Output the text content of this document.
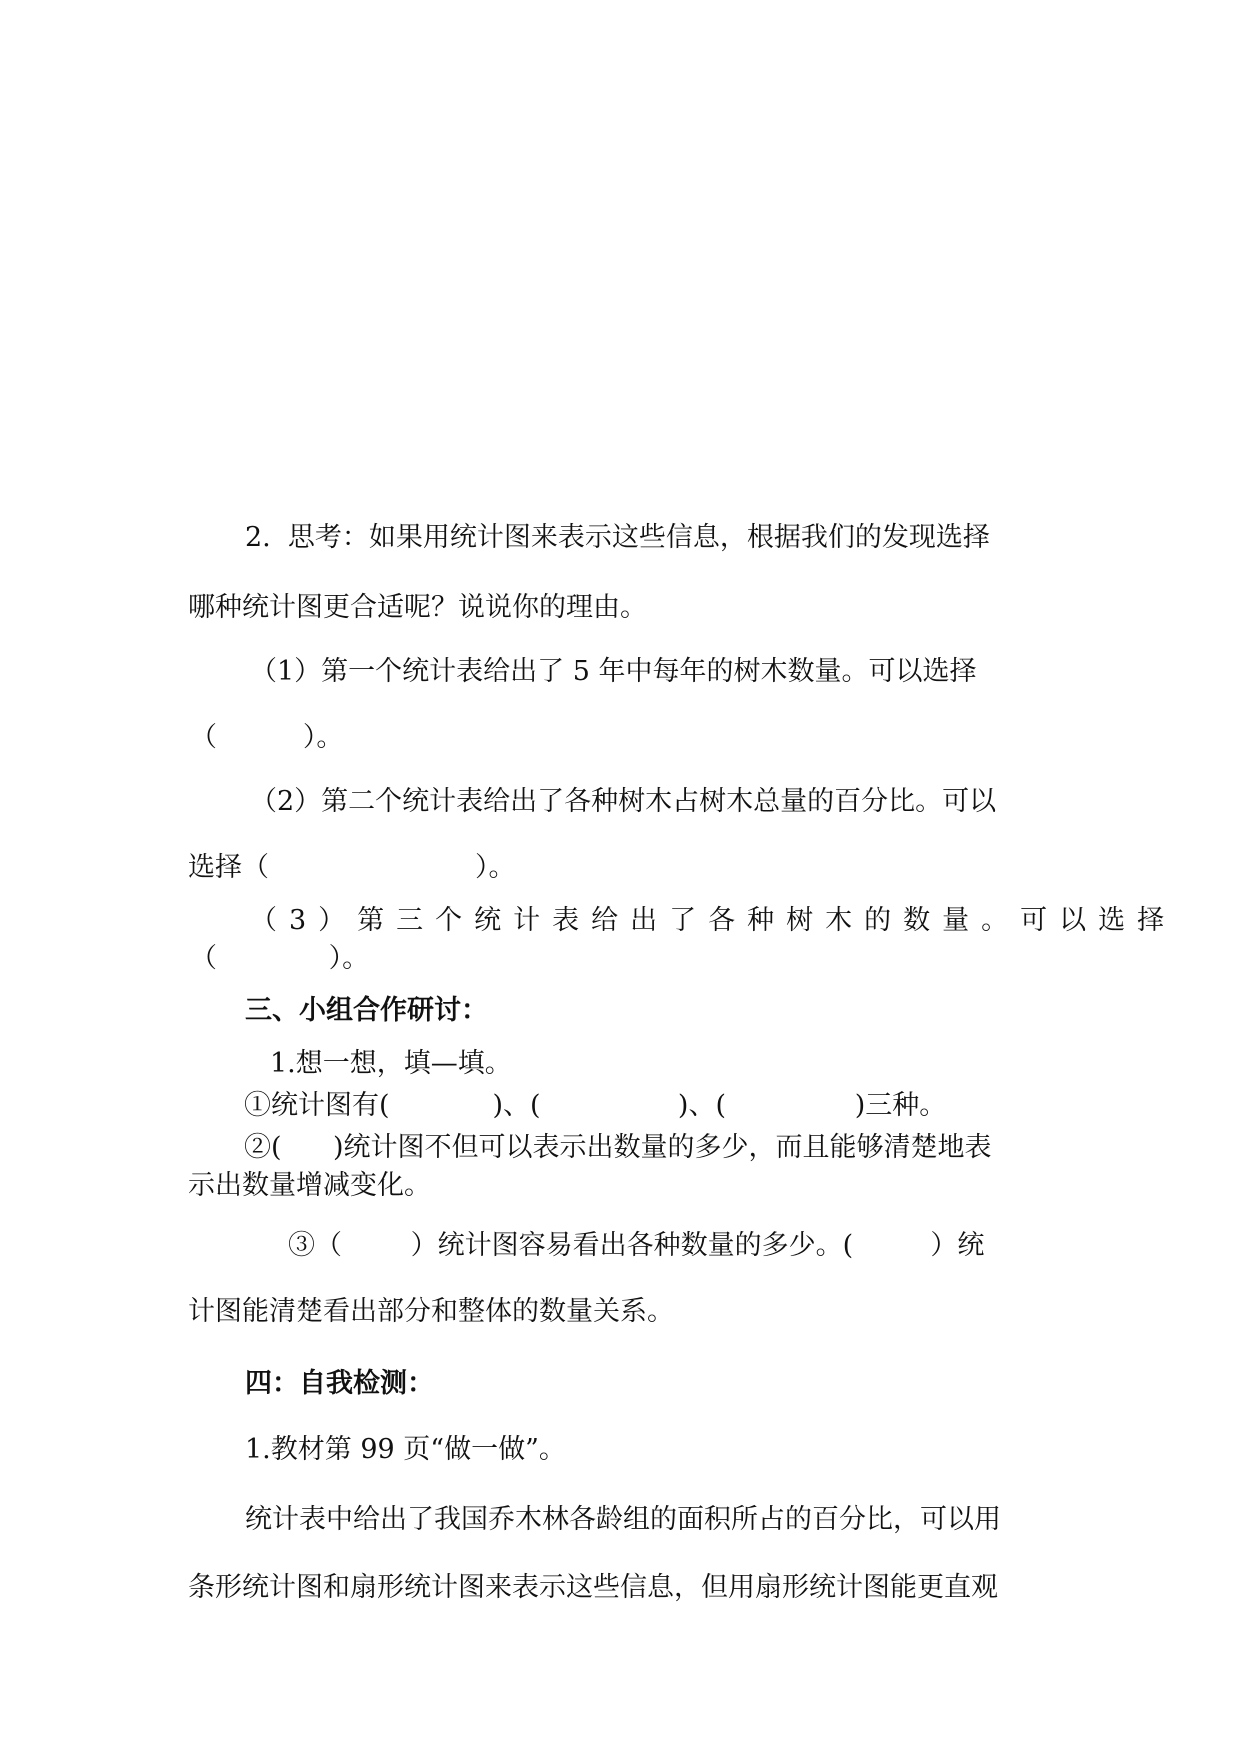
2.  思考：如果用统计图来表示这些信息，根据我们的发现选择
哪种统计图更合适呢？说说你的理由。
（1）第一个统计表给出了 5 年中每年的树木数量。可以选择
（          ）。
（2）第二个统计表给出了各种树木占树木总量的百分比。可以
选择（                        ）。
（3）第三个统计表给出了各种树木的数量。可以选择
（             ）。
三、小组合作研讨：
1.想一想，填—填。
①统计图有(            )、(                )、(               )三种。
②(      )统计图不但可以表示出数量的多少，而且能够清楚地表
示出数量增减变化。
③（        ）统计图容易看出各种数量的多少。(         ）统
计图能清楚看出部分和整体的数量关系。
四：自我检测：
1.教材第 99 页“做一做”。
统计表中给出了我国乔木林各龄组的面积所占的百分比，可以用
条形统计图和扇形统计图来表示这些信息，但用扇形统计图能更直观
